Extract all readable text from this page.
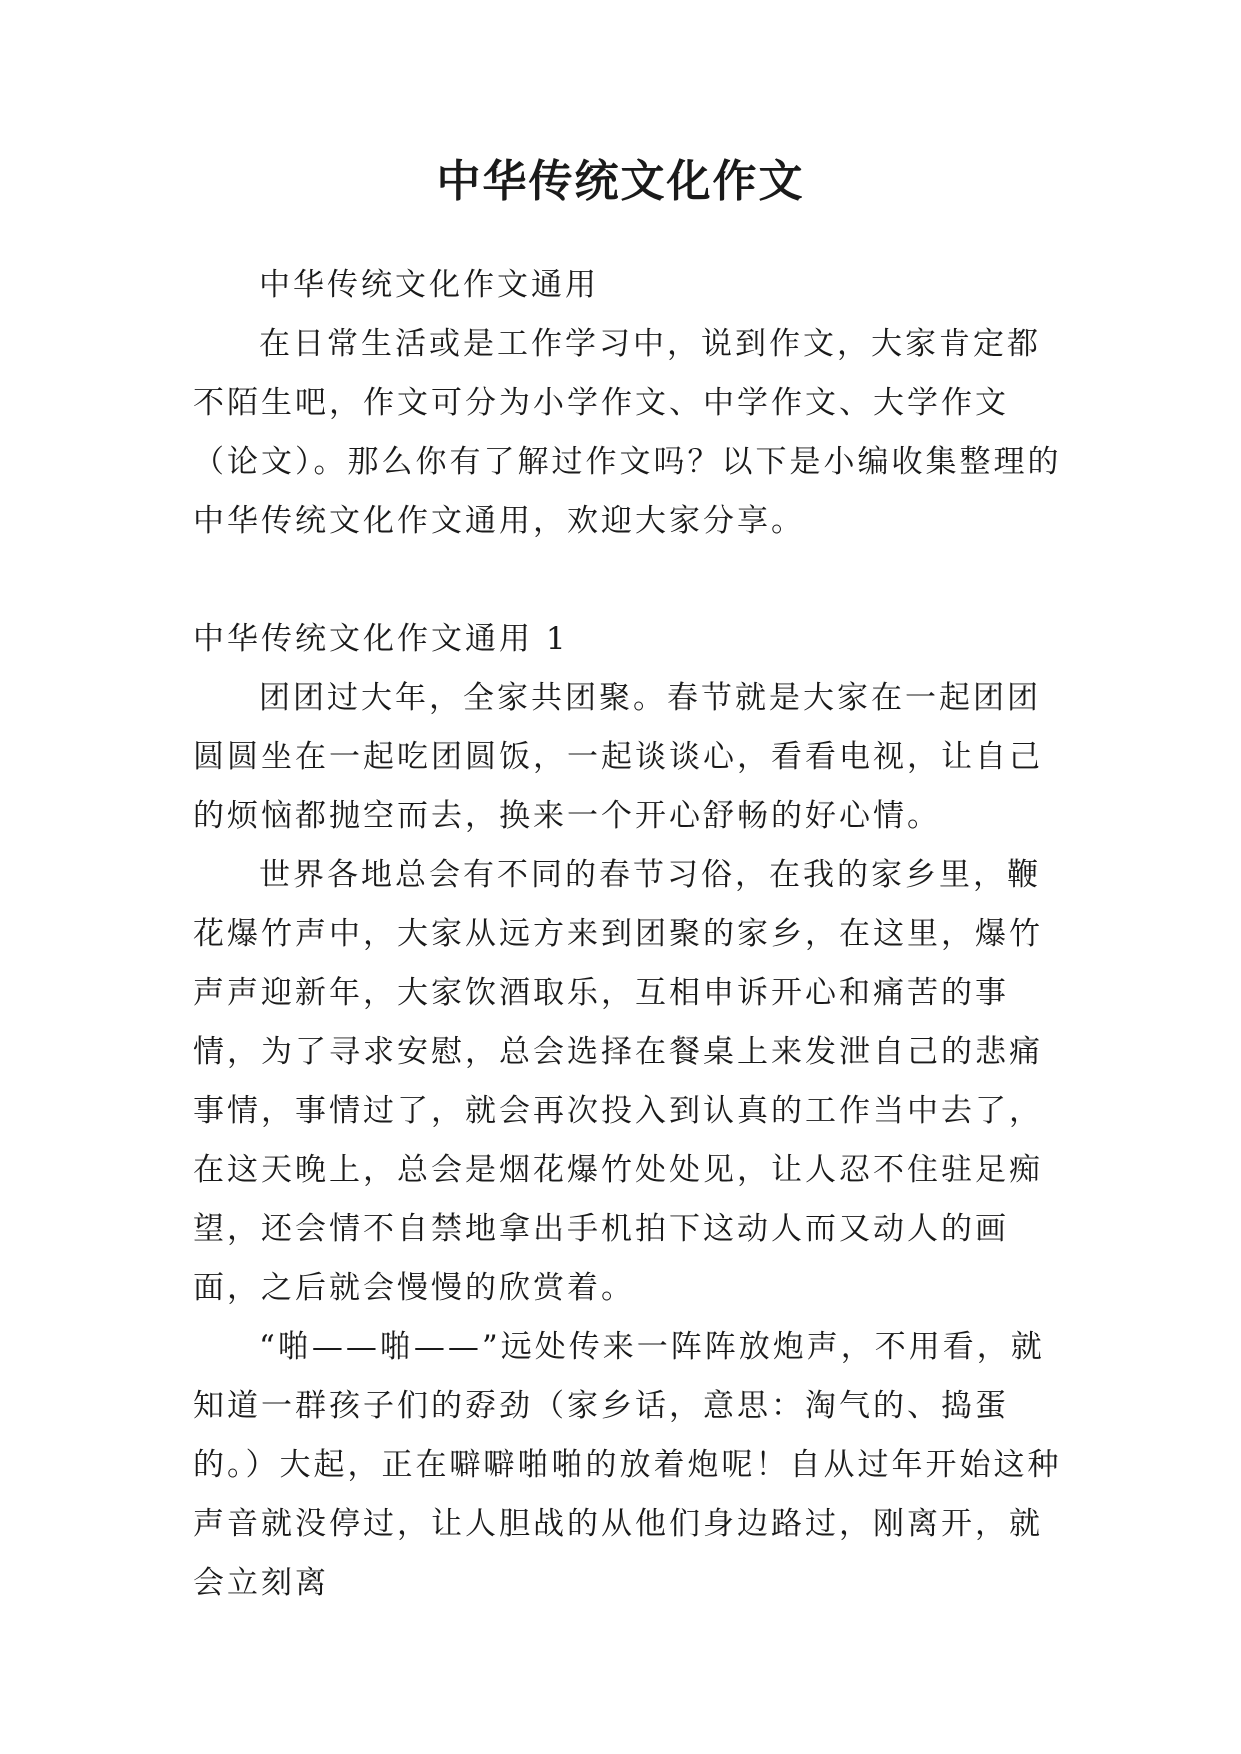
中华传统文化作文

中华传统文化作文通用

在日常生活或是工作学习中，说到作文，大家肯定都不陌生吧，作文可分为小学作文、中学作文、大学作文（论文）。那么你有了解过作文吗？以下是小编收集整理的中华传统文化作文通用，欢迎大家分享。

中华传统文化作文通用 1

团团过大年，全家共团聚。春节就是大家在一起团团圆圆坐在一起吃团圆饭，一起谈谈心，看看电视，让自己的烦恼都抛空而去，换来一个开心舒畅的好心情。

世界各地总会有不同的春节习俗，在我的家乡里，鞭花爆竹声中，大家从远方来到团聚的家乡，在这里，爆竹声声迎新年，大家饮酒取乐，互相申诉开心和痛苦的事情，为了寻求安慰，总会选择在餐桌上来发泄自己的悲痛事情，事情过了，就会再次投入到认真的工作当中去了，在这天晚上，总会是烟花爆竹处处见，让人忍不住驻足痴望，还会情不自禁地拿出手机拍下这动人而又动人的画面，之后就会慢慢的欣赏着。

“啪——啪——”远处传来一阵阵放炮声，不用看，就知道一群孩子们的孬劲（家乡话，意思：淘气的、捣蛋的。）大起，正在噼噼啪啪的放着炮呢！自从过年开始这种声音就没停过，让人胆战的从他们身边路过，刚离开，就会立刻离
